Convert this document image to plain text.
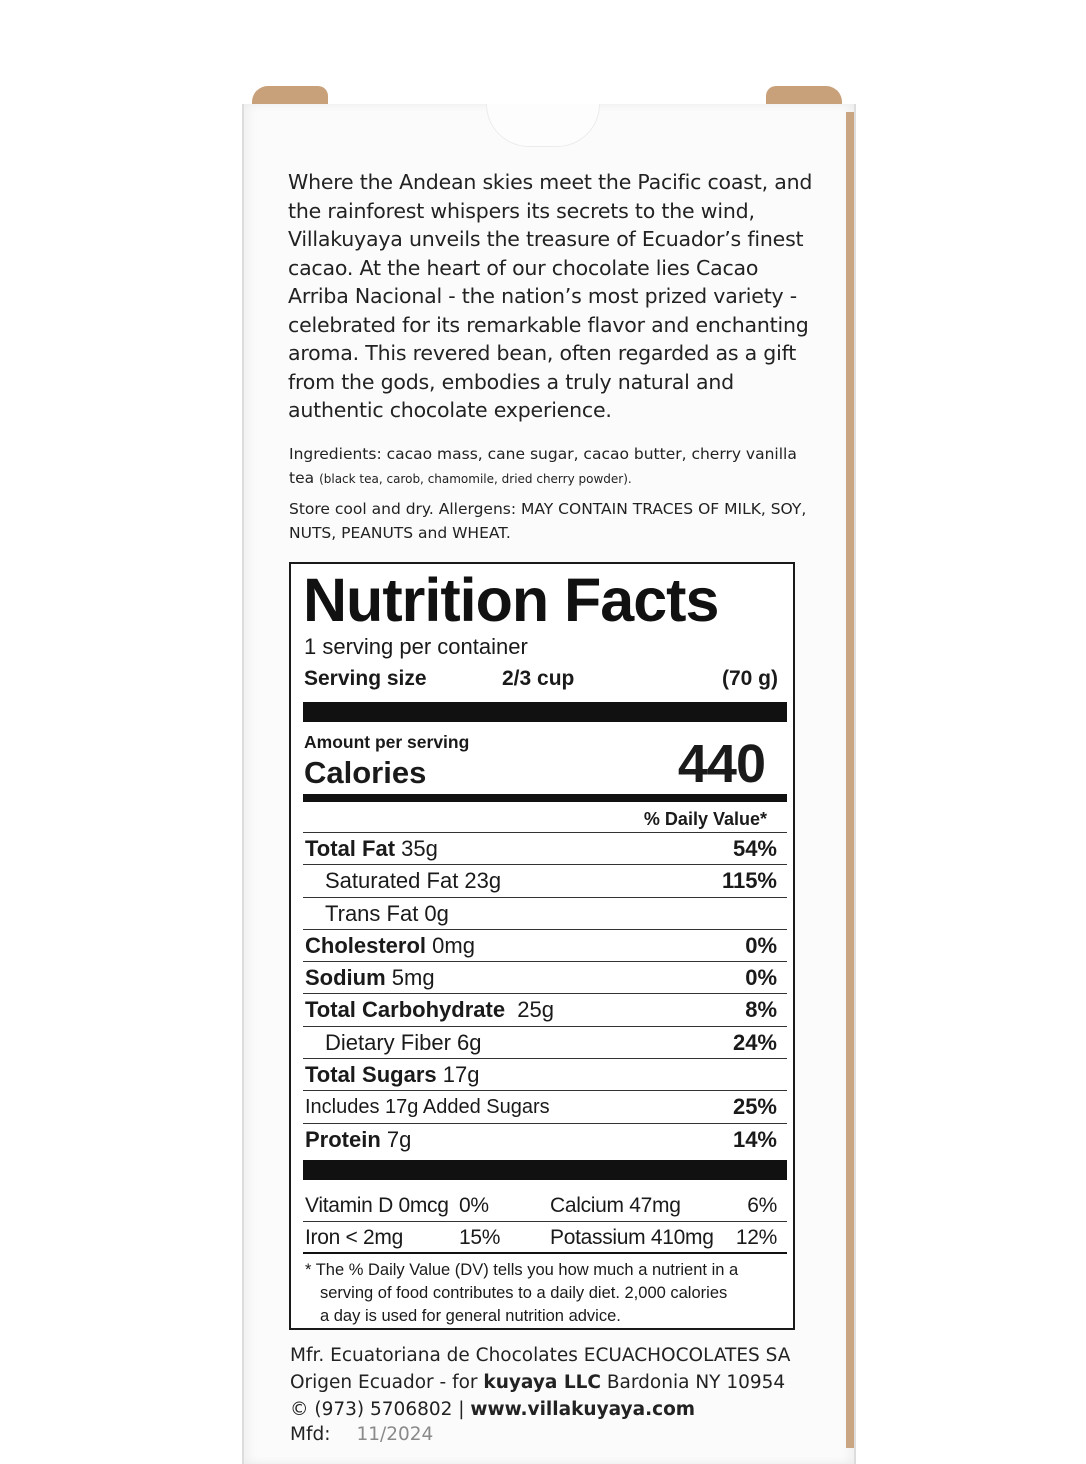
Where the Andean skies meet the Pacific coast, and the rainforest whispers its secrets to the wind, Villakuyaya unveils the treasure of Ecuador’s finest cacao. At the heart of our chocolate lies Cacao Arriba Nacional - the nation’s most prized variety - celebrated for its remarkable flavor and enchanting aroma. This revered bean, often regarded as a gift from the gods, embodies a truly natural and authentic chocolate experience.

Ingredients: cacao mass, cane sugar, cacao butter, cherry vanilla tea (black tea, carob, chamomile, dried cherry powder).

Store cool and dry. Allergens: MAY CONTAIN TRACES OF MILK, SOY, NUTS, PEANUTS and WHEAT.

Nutrition Facts
1 serving per container
Serving size	2/3 cup	(70 g)
Amount per serving
Calories	440
% Daily Value*
Total Fat 35g	54%
Saturated Fat 23g	115%
Trans Fat 0g
Cholesterol 0mg	0%
Sodium 5mg	0%
Total Carbohydrate 25g	8%
Dietary Fiber 6g	24%
Total Sugars 17g
Includes 17g Added Sugars	25%
Protein 7g	14%
Vitamin D 0mcg 0%	Calcium 47mg	6%
Iron < 2mg	15% Potassium 410mg 12%

* The % Daily Value (DV) tells you how much a nutrient in a
serving of food contributes to a daily diet. 2,000 calories
a day is used for general nutrition advice.

Mfr. Ecuatoriana de Chocolates ECUACHOCOLATES SA
Origen Ecuador - for kuyaya LLC Bardonia NY 10954
© (973) 5706802 | www.villakuyaya.com

Mfd: 11/2024
